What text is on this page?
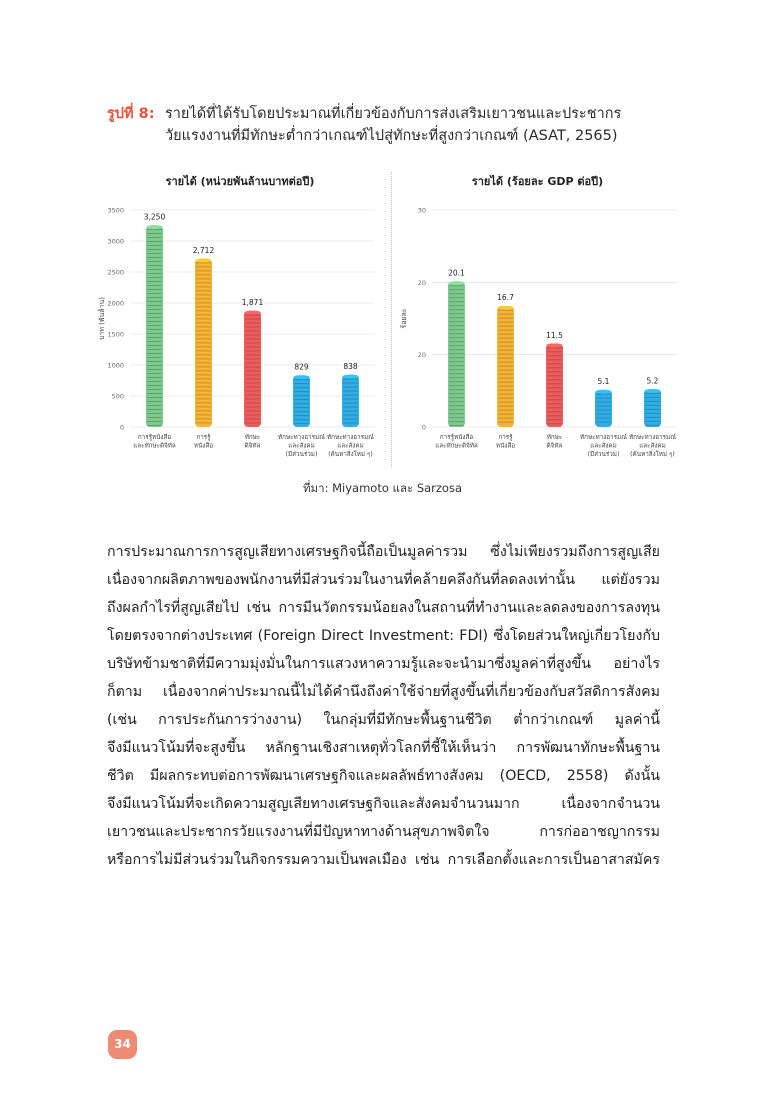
รูปที่ 8: รายได้ที่ได้รับโดยประมาณที่เกี่ยวข้องกับการส่งเสริมเยาวชนและประชากร
วัยแรงงานที่มีทักษะต่ำกว่าเกณฑ์ไปสู่ทักษะที่สูงกว่าเกณฑ์ (ASAT, 2565)
รายได้ (หน่วยพันล้านบาทต่อปี)	รายได้ (ร้อยละ GDP ต่อปี)
บาท (พันล้าน)
0
500
1000
1500
2000
2500
3000
3500
3,250
การรู้หนังสือและทักษะดิจิทัล
2,712
การรู้หนังสือ
1,871
ทักษะดิจิทัล
829
ทักษะทางอารมณ์และสังคม(มีส่วนร่วม)
838
ทักษะทางอารมณ์และสังคม(ค้นหาสิ่งใหม่ ๆ)
ร้อยละ
0
20
20
30
20.1
การรู้หนังสือและทักษะดิจิทัล
16.7
การรู้หนังสือ
11.5
ทักษะดิจิทัล
5.1
ทักษะทางอารมณ์และสังคม(มีส่วนร่วม)
5.2
ทักษะทางอารมณ์และสังคม(ค้นหาสิ่งใหม่ ๆ)
ที่มา: Miyamoto และ Sarzosa
การประมาณการการสูญเสียทางเศรษฐกิจนี้ถือเป็นมูลค่ารวม ซึ่งไม่เพียงรวมถึงการสูญเสีย
เนื่องจากผลิตภาพของพนักงานที่มีส่วนร่วมในงานที่คล้ายคลึงกันที่ลดลงเท่านั้น แต่ยังรวม
ถึงผลกำไรที่สูญเสียไป เช่น การมีนวัตกรรมน้อยลงในสถานที่ทำงานและลดลงของการลงทุน
โดยตรงจากต่างประเทศ (Foreign Direct Investment: FDI) ซึ่งโดยส่วนใหญ่เกี่ยวโยงกับ
บริษัทข้ามชาติที่มีความมุ่งมั่นในการแสวงหาความรู้และจะนำมาซึ่งมูลค่าที่สูงขึ้น อย่างไร
ก็ตาม เนื่องจากค่าประมาณนี้ไม่ได้คำนึงถึงค่าใช้จ่ายที่สูงขึ้นที่เกี่ยวข้องกับสวัสดิการสังคม
(เช่น การประกันการว่างงาน) ในกลุ่มที่มีทักษะพื้นฐานชีวิต ต่ำกว่าเกณฑ์ มูลค่านี้
จึงมีแนวโน้มที่จะสูงขึ้น หลักฐานเชิงสาเหตุทั่วโลกที่ชี้ให้เห็นว่า การพัฒนาทักษะพื้นฐาน
ชีวิต มีผลกระทบต่อการพัฒนาเศรษฐกิจและผลลัพธ์ทางสังคม (OECD, 2558) ดังนั้น
จึงมีแนวโน้มที่จะเกิดความสูญเสียทางเศรษฐกิจและสังคมจำนวนมาก เนื่องจากจำนวน
เยาวชนและประชากรวัยแรงงานที่มีปัญหาทางด้านสุขภาพจิตใจ การก่ออาชญากรรม
หรือการไม่มีส่วนร่วมในกิจกรรมความเป็นพลเมือง เช่น การเลือกตั้งและการเป็นอาสาสมัคร
34
